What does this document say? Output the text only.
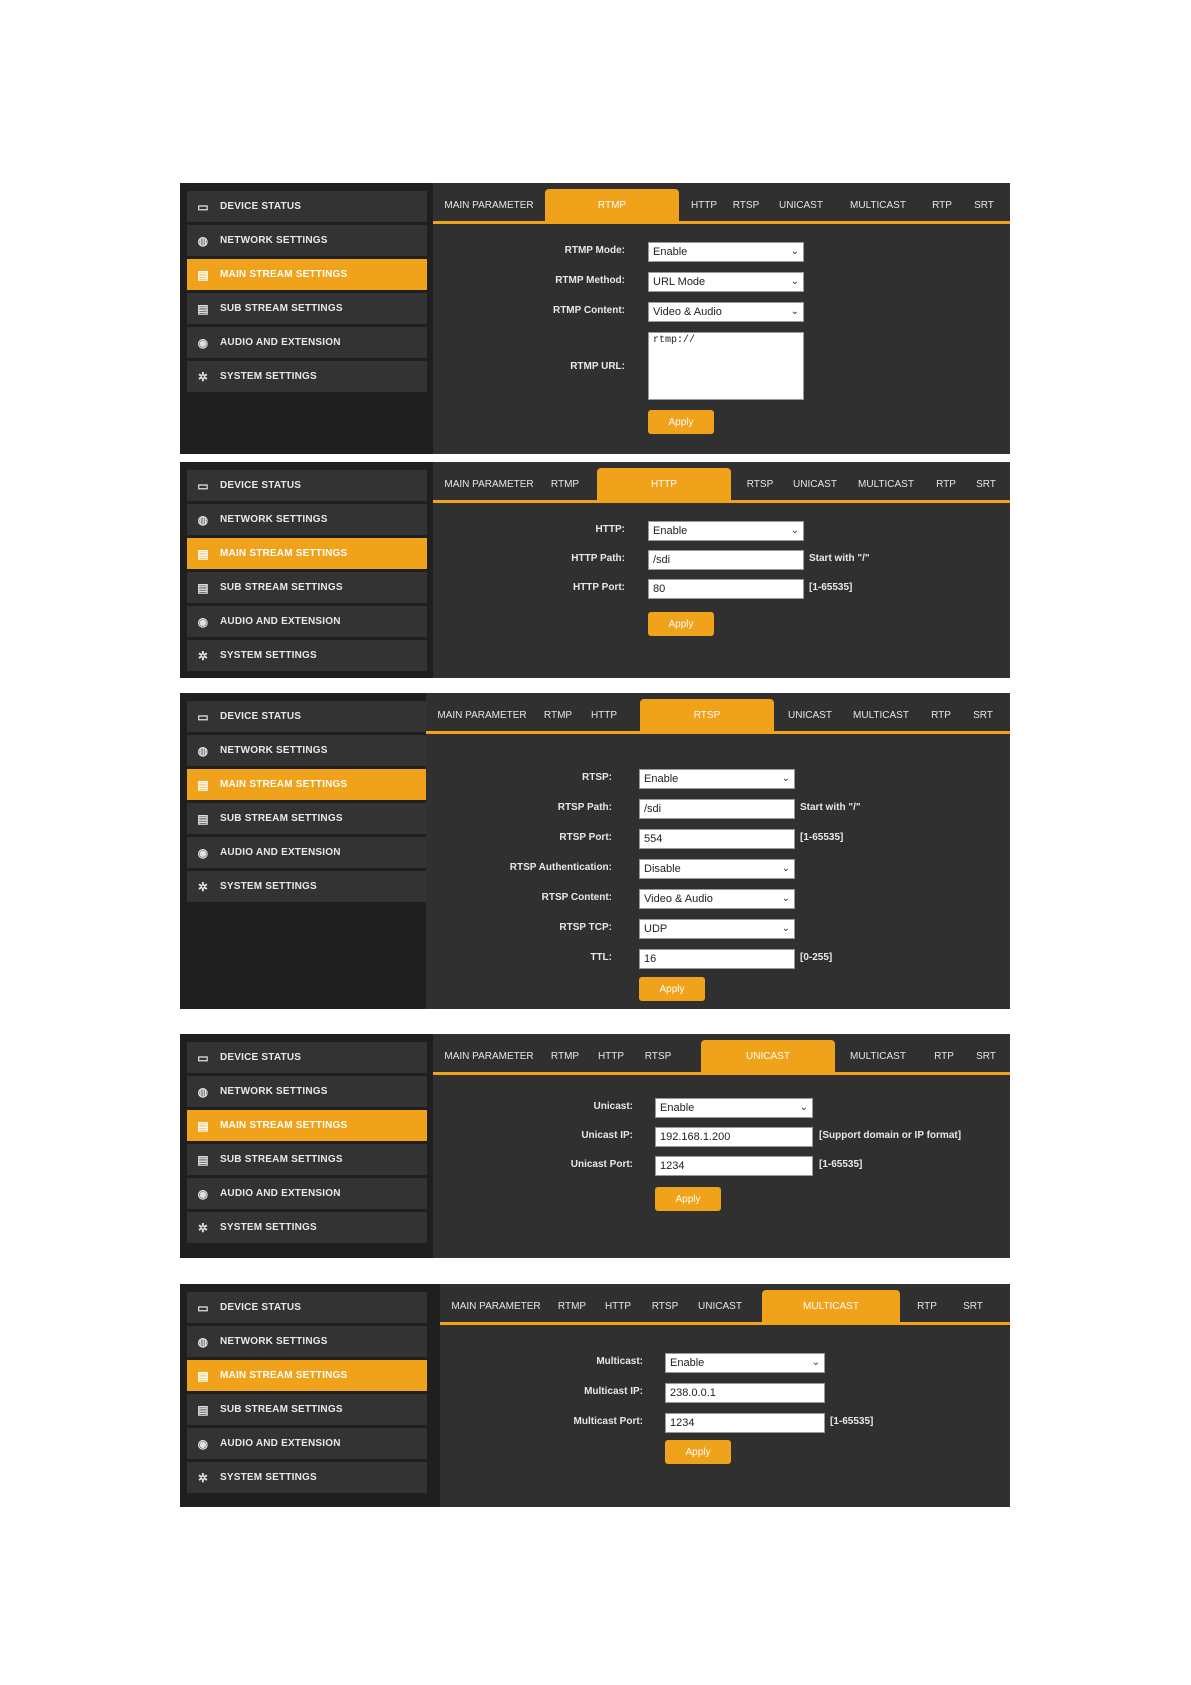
▭ DEVICE STATUS
◍ NETWORK SETTINGS
▤ MAIN STREAM SETTINGS
▤ SUB STREAM SETTINGS
◉ AUDIO AND EXTENSION
✲ SYSTEM SETTINGS
MAIN PARAMETER	RTMP	HTTP	RTSP	UNICAST	MULTICAST	RTP	SRT
RTMP Mode:	Enable	⌄
RTMP Method:	URL Mode	⌄
RTMP Content:	Video & Audio	⌄
RTMP URL:
rtmp://
Apply
▭ DEVICE STATUS
◍ NETWORK SETTINGS
▤ MAIN STREAM SETTINGS
▤ SUB STREAM SETTINGS
◉ AUDIO AND EXTENSION
✲ SYSTEM SETTINGS
MAIN PARAMETER	RTMP	HTTP	RTSP	UNICAST	MULTICAST	RTP	SRT
HTTP:	Enable	⌄
HTTP Path:	/sdi	Start with "/"
HTTP Port:	80	[1-65535]
Apply
▭ DEVICE STATUS
◍ NETWORK SETTINGS
▤ MAIN STREAM SETTINGS
▤ SUB STREAM SETTINGS
◉ AUDIO AND EXTENSION
✲ SYSTEM SETTINGS
MAIN PARAMETER	RTMP	HTTP	RTSP	UNICAST	MULTICAST	RTP	SRT
RTSP:	Enable	⌄
RTSP Path:	/sdi	Start with "/"
RTSP Port:	554	[1-65535]
RTSP Authentication:	Disable	⌄
RTSP Content:	Video & Audio	⌄
RTSP TCP:	UDP	⌄
TTL:	16	[0-255]
Apply
▭ DEVICE STATUS
◍ NETWORK SETTINGS
▤ MAIN STREAM SETTINGS
▤ SUB STREAM SETTINGS
◉ AUDIO AND EXTENSION
✲ SYSTEM SETTINGS
MAIN PARAMETER	RTMP	HTTP	RTSP	UNICAST	MULTICAST	RTP	SRT
Unicast: Enable	⌄
Unicast IP:	192.168.1.200	[Support domain or IP format]
Unicast Port:	1234	[1-65535]
Apply
▭ DEVICE STATUS
◍ NETWORK SETTINGS
▤ MAIN STREAM SETTINGS
▤ SUB STREAM SETTINGS
◉ AUDIO AND EXTENSION
✲ SYSTEM SETTINGS
MAIN PARAMETER	RTMP	HTTP	RTSP	UNICAST	MULTICAST	RTP	SRT
Multicast: Enable	⌄
Multicast IP:	238.0.0.1
Multicast Port:	1234	[1-65535]
Apply
